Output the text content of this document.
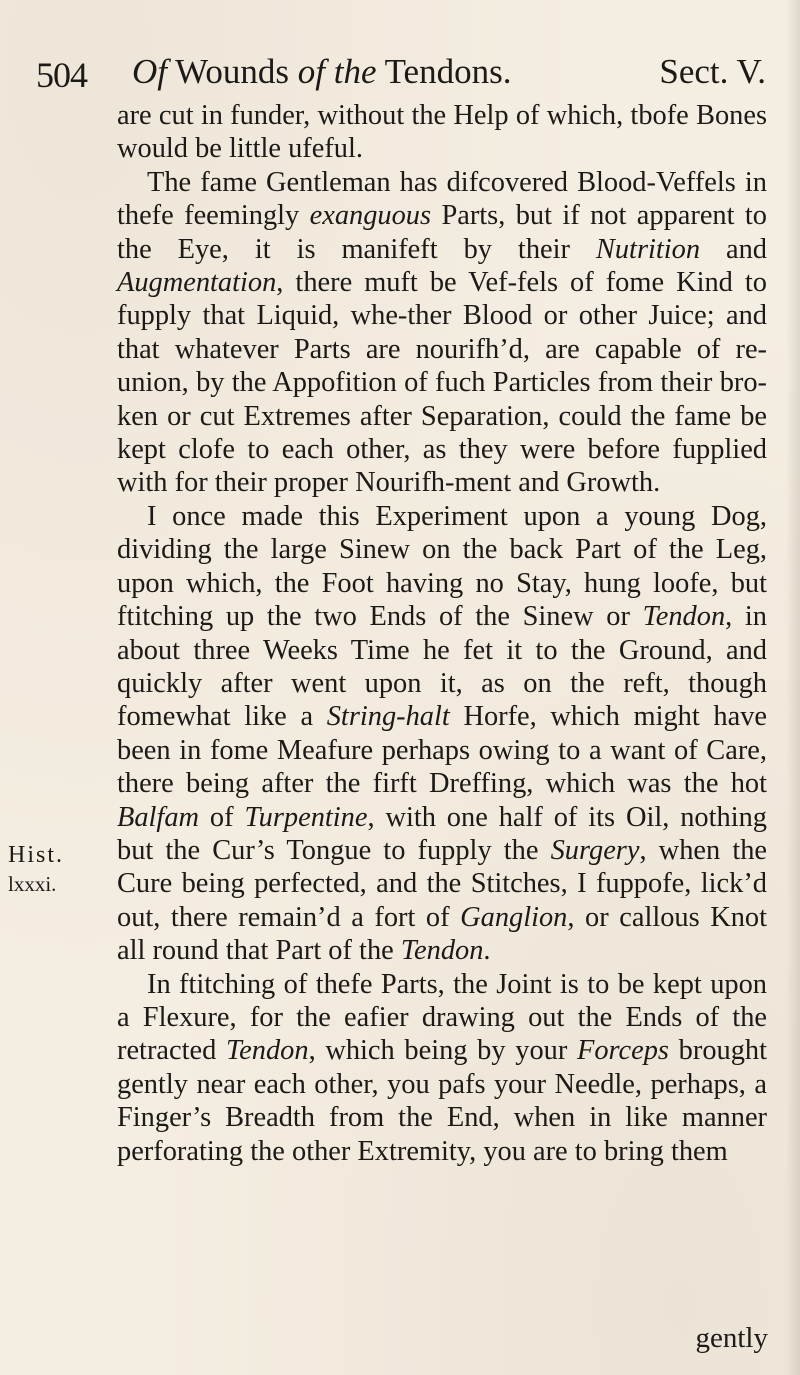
504 Of Wounds of the Tendons.	Sect. V.
Hist.
lxxxi.

are cut in funder, without the Help of which, tbofe Bones would be little ufeful.

The fame Gentleman has difcovered Blood-Veffels in thefe feemingly exanguous Parts, but if not apparent to the Eye, it is manifeft by their Nutrition and Augmentation, there muft be Vef-fels of fome Kind to fupply that Liquid, whe-ther Blood or other Juice; and that whatever Parts are nourifh’d, are capable of re-union, by the Appofition of fuch Particles from their bro-ken or cut Extremes after Separation, could the fame be kept clofe to each other, as they were before fupplied with for their proper Nourifh-ment and Growth.

I once made this Experiment upon a young Dog, dividing the large Sinew on the back Part of the Leg, upon which, the Foot having no Stay, hung loofe, but ftitching up the two Ends of the Sinew or Tendon, in about three Weeks Time he fet it to the Ground, and quickly after went upon it, as on the reft, though fomewhat like a String-halt Horfe, which might have been in fome Meafure perhaps owing to a want of Care, there being after the firft Dreffing, which was the hot Balfam of Turpentine, with one half of its Oil, nothing but the Cur’s Tongue to fupply the Surgery, when the Cure being perfected, and the Stitches, I fuppofe, lick’d out, there remain’d a fort of Ganglion, or callous Knot all round that Part of the Tendon.

In ftitching of thefe Parts, the Joint is to be kept upon a Flexure, for the eafier drawing out the Ends of the retracted Tendon, which being by your Forceps brought gently near each other, you pafs your Needle, perhaps, a Finger’s Breadth from the End, when in like manner perforating the other Extremity, you are to bring them

gently
